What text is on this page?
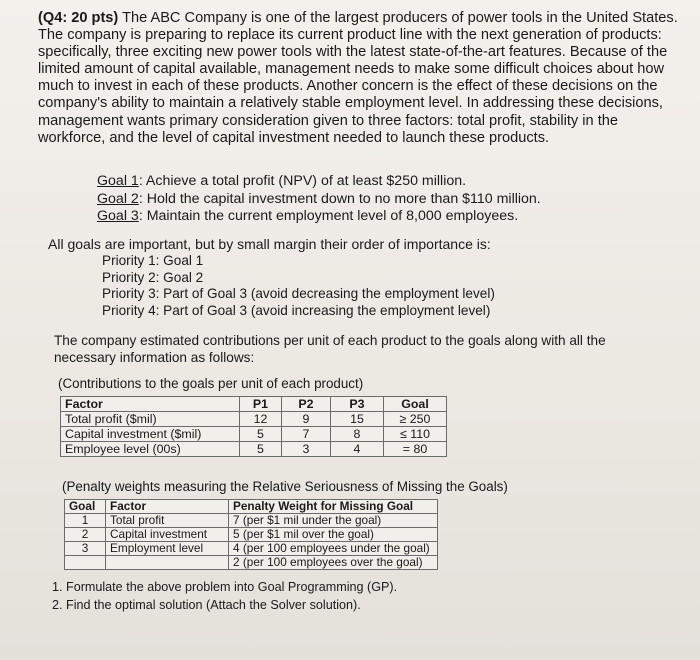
(Q4: 20 pts) The ABC Company is one of the largest producers of power tools in the United States. The company is preparing to replace its current product line with the next generation of products: specifically, three exciting new power tools with the latest state-of-the-art features. Because of the limited amount of capital available, management needs to make some difficult choices about how much to invest in each of these products. Another concern is the effect of these decisions on the company's ability to maintain a relatively stable employment level. In addressing these decisions, management wants primary consideration given to three factors: total profit, stability in the workforce, and the level of capital investment needed to launch these products.
Goal 1: Achieve a total profit (NPV) of at least $250 million.
Goal 2: Hold the capital investment down to no more than $110 million.
Goal 3: Maintain the current employment level of 8,000 employees.
All goals are important, but by small margin their order of importance is:
Priority 1: Goal 1
Priority 2: Goal 2
Priority 3: Part of Goal 3 (avoid decreasing the employment level)
Priority 4: Part of Goal 3 (avoid increasing the employment level)
The company estimated contributions per unit of each product to the goals along with all the necessary information as follows:
(Contributions to the goals per unit of each product)
Factor	P1	P2	P3	Goal
Total profit ($mil)	12	9	15	≥ 250
Capital investment ($mil)	5	7	8	≤ 110
Employee level (00s)	5	3	4	= 80
(Penalty weights measuring the Relative Seriousness of Missing the Goals)
Goal	Factor	Penalty Weight for Missing Goal
1	Total profit	7 (per $1 mil under the goal)
2	Capital investment	5 (per $1 mil over the goal)
3	Employment level	4 (per 100 employees under the goal)
		2 (per 100 employees over the goal)
1. Formulate the above problem into Goal Programming (GP).
2. Find the optimal solution (Attach the Solver solution).
